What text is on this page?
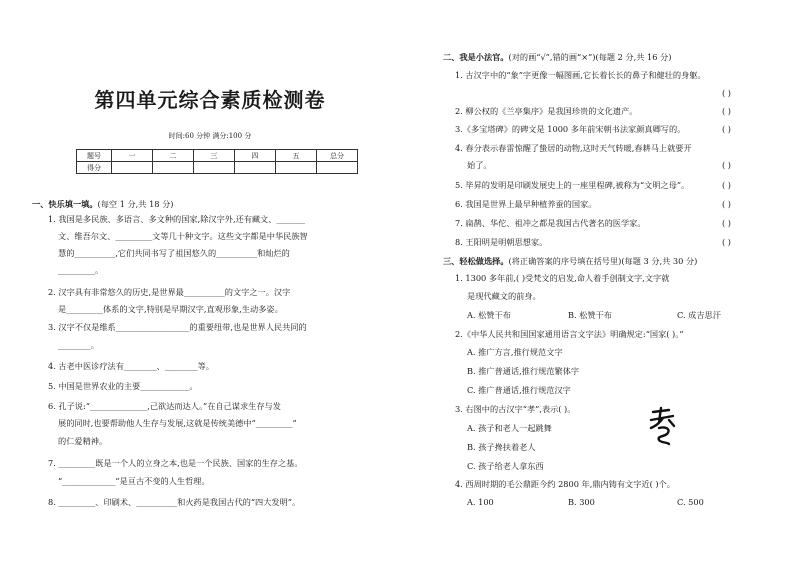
第四单元综合素质检测卷
时间:60 分钟 满分:100 分
题号	一	二	三	四	五	总分
得分						
一、快乐填一填。(每空 1 分,共 18 分)
1. 我国是多民族、多语言、多文种的国家,除汉字外,还有藏文、_______
文、维吾尔文、_________文等几十种文字。这些文字都是中华民族智
慧的__________,它们共同书写了祖国悠久的__________和灿烂的
_________。
2. 汉字具有非常悠久的历史,是世界最__________的文字之一。汉字
是_________体系的文字,特别是早期汉字,直观形象,生动多姿。
3. 汉字不仅是维系__________________的重要纽带,也是世界人民共同的
________。
4. 古老中医诊疗法有________、________等。
5. 中国是世界农业的主要____________。
6. 孔子说:“______________,己欲达而达人。”在自己谋求生存与发
展的同时,也要帮助他人生存与发展,这就是传统美德中“_________”
的仁爱精神。
7. _________既是一个人的立身之本,也是一个民族、国家的生存之基。
“_____________”是亘古不变的人生哲理。
8. _________、印刷术、__________和火药是我国古代的“四大发明”。
二、我是小法官。(对的画“√”,错的画“×”)(每题 2 分,共 16 分)
1. 古汉字中的“象”字更像一幅图画,它长着长长的鼻子和健壮的身躯。
( )
2. 柳公权的《兰亭集序》是我国珍贵的文化遗产。	( )
3.《多宝塔碑》的碑文是 1000 多年前宋朝书法家颜真卿写的。	( )
4. 春分表示春雷惊醒了蛰居的动物,这时天气转暖,春耕马上就要开
始了。	( )
5. 毕昇的发明是印刷发展史上的一座里程碑,被称为“文明之母”。	( )
6. 我国是世界上最早种植养蚕的国家。	( )
7. 扁鹊、华佗、祖冲之都是我国古代著名的医学家。	( )
8. 王阳明是明朝思想家。	( )
三、轻松做选择。(将正确答案的序号填在括号里)(每题 3 分,共 30 分)
1. 1300 多年前,( )受梵文的启发,命人着手创制文字,文字就
是现代藏文的前身。
A. 松赞干布	B. 松赞干布	C. 成吉思汗
2.《中华人民共和国国家通用语言文字法》明确规定:“国家( )。”
A. 推广方言,推行规范文字
B. 推广普通话,推行规范繁体字
C. 推广普通话,推行规范汉字
3. 右图中的古汉字“孝”,表示( )。
A. 孩子和老人一起跳舞
B. 孩子搀扶着老人
C. 孩子给老人拿东西
4. 西周时期的毛公鼎距今约 2800 年,鼎内铸有文字近( )个。
A. 100	B. 300	C. 500
